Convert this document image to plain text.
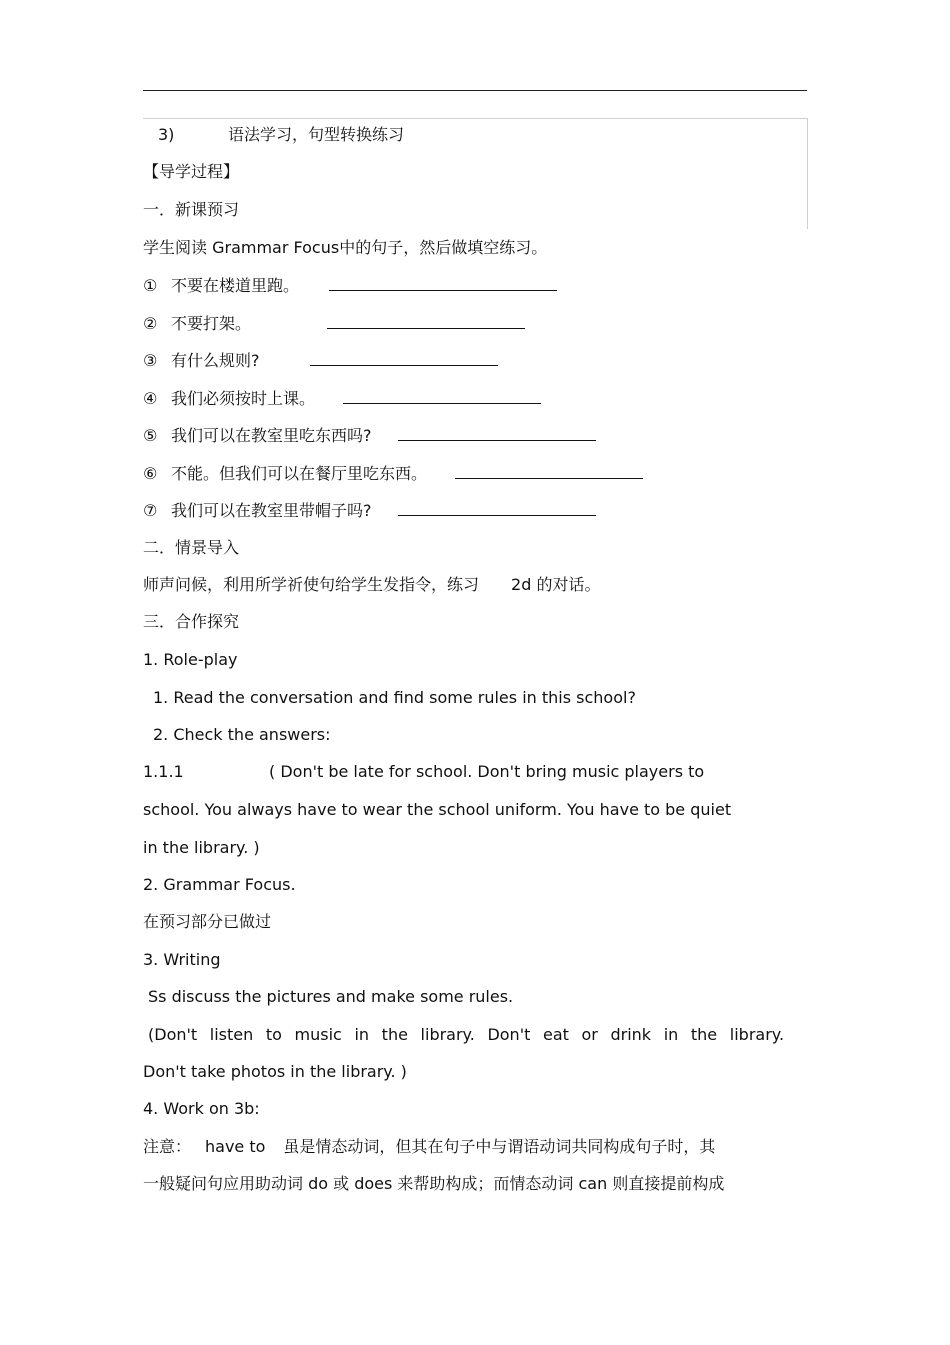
3)	语法学习，句型转换练习
【导学过程】
一．新课预习
学生阅读 Grammar Focus中的句子，然后做填空练习。
① 不要在楼道里跑。
② 不要打架。
③ 有什么规则?
④ 我们必须按时上课。
⑤ 我们可以在教室里吃东西吗?
⑥ 不能。但我们可以在餐厅里吃东西。
⑦ 我们可以在教室里带帽子吗?
二．情景导入
师声问候，利用所学祈使句给学生发指令，练习 2d 的对话。
三．合作探究
1. Role-play
1. Read the conversation and find some rules in this school?
2. Check the answers:
1.1.1	( Don't be late for school. Don't bring music players to
school. You always have to wear the school uniform. You have to be quiet
in the library. )
2. Grammar Focus.
在预习部分已做过
3. Writing
Ss discuss the pictures and make some rules.
(Don't listen to music in the library. Don't eat or drink in the library.
Don't take photos in the library. )
4. Work on 3b:
注意： have to 虽是情态动词，但其在句子中与谓语动词共同构成句子时，其
一般疑问句应用助动词 do 或 does 来帮助构成；而情态动词 can 则直接提前构成
